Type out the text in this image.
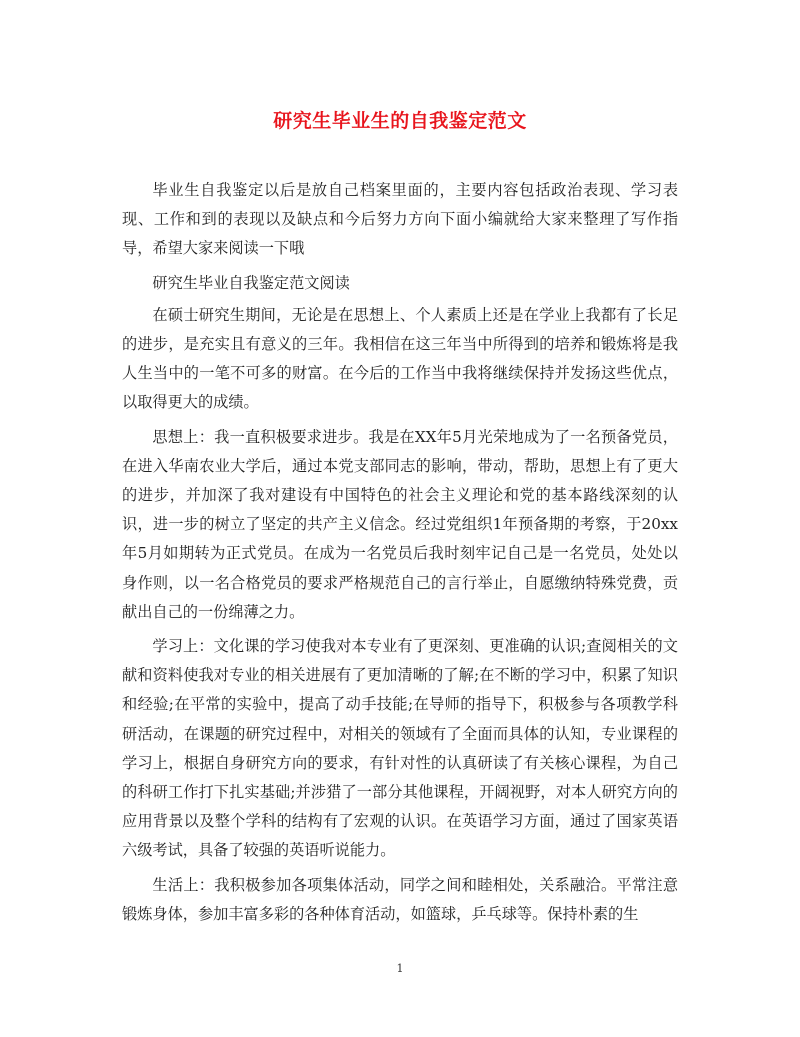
研究生毕业生的自我鉴定范文

毕业生自我鉴定以后是放自己档案里面的，主要内容包括政治表现、学习表现、工作和到的表现以及缺点和今后努力方向下面小编就给大家来整理了写作指导，希望大家来阅读一下哦

研究生毕业自我鉴定范文阅读

在硕士研究生期间，无论是在思想上、个人素质上还是在学业上我都有了长足的进步，是充实且有意义的三年。我相信在这三年当中所得到的培养和锻炼将是我人生当中的一笔不可多的财富。在今后的工作当中我将继续保持并发扬这些优点，以取得更大的成绩。

思想上：我一直积极要求进步。我是在XX年5月光荣地成为了一名预备党员，在进入华南农业大学后，通过本党支部同志的影响，带动，帮助，思想上有了更大的进步，并加深了我对建设有中国特色的社会主义理论和党的基本路线深刻的认识，进一步的树立了坚定的共产主义信念。经过党组织1年预备期的考察，于20xx年5月如期转为正式党员。在成为一名党员后我时刻牢记自己是一名党员，处处以身作则，以一名合格党员的要求严格规范自己的言行举止，自愿缴纳特殊党费，贡献出自己的一份绵薄之力。

学习上：文化课的学习使我对本专业有了更深刻、更准确的认识;查阅相关的文献和资料使我对专业的相关进展有了更加清晰的了解;在不断的学习中，积累了知识和经验;在平常的实验中，提高了动手技能;在导师的指导下，积极参与各项教学科研活动，在课题的研究过程中，对相关的领域有了全面而具体的认知，专业课程的学习上，根据自身研究方向的要求，有针对性的认真研读了有关核心课程，为自己的科研工作打下扎实基础;并涉猎了一部分其他课程，开阔视野，对本人研究方向的应用背景以及整个学科的结构有了宏观的认识。在英语学习方面，通过了国家英语六级考试，具备了较强的英语听说能力。

生活上：我积极参加各项集体活动，同学之间和睦相处，关系融洽。平常注意锻炼身体，参加丰富多彩的各种体育活动，如篮球，乒乓球等。保持朴素的生

1
